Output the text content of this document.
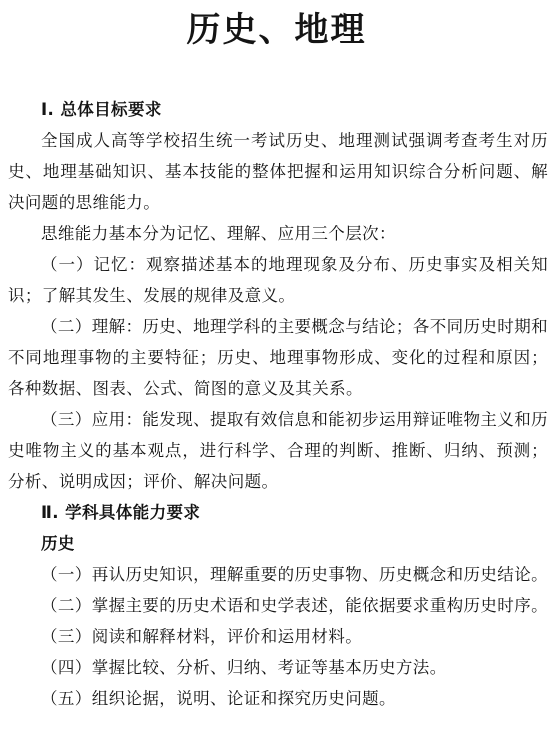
历史、地理

Ⅰ. 总体目标要求

全国成人高等学校招生统一考试历史、地理测试强调考查考生对历史、地理基础知识、基本技能的整体把握和运用知识综合分析问题、解决问题的思维能力。

思维能力基本分为记忆、理解、应用三个层次：

（一）记忆：观察描述基本的地理现象及分布、历史事实及相关知识；了解其发生、发展的规律及意义。

（二）理解：历史、地理学科的主要概念与结论；各不同历史时期和不同地理事物的主要特征；历史、地理事物形成、变化的过程和原因；各种数据、图表、公式、简图的意义及其关系。

（三）应用：能发现、提取有效信息和能初步运用辩证唯物主义和历史唯物主义的基本观点，进行科学、合理的判断、推断、归纳、预测；分析、说明成因；评价、解决问题。

Ⅱ. 学科具体能力要求

历史

（一）再认历史知识，理解重要的历史事物、历史概念和历史结论。

（二）掌握主要的历史术语和史学表述，能依据要求重构历史时序。

（三）阅读和解释材料，评价和运用材料。

（四）掌握比较、分析、归纳、考证等基本历史方法。

（五）组织论据，说明、论证和探究历史问题。
